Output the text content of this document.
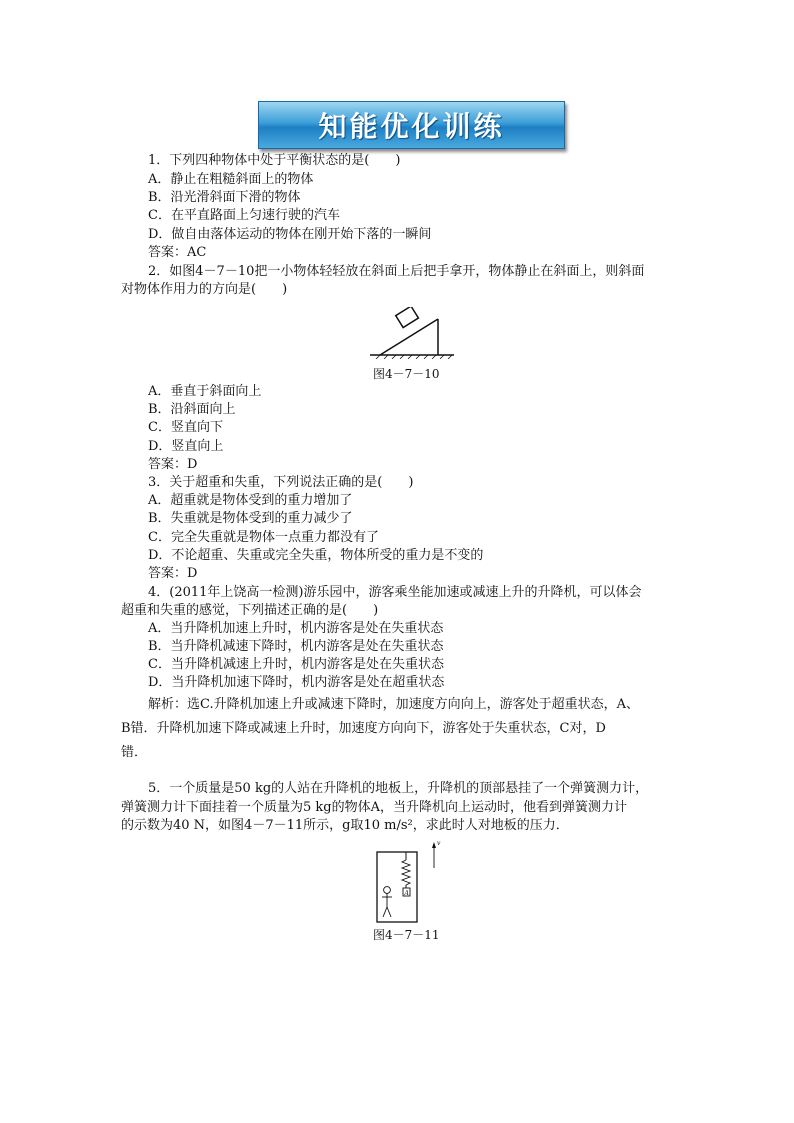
知能优化训练
1．下列四种物体中处于平衡状态的是(　　)
A．静止在粗糙斜面上的物体
B．沿光滑斜面下滑的物体
C．在平直路面上匀速行驶的汽车
D．做自由落体运动的物体在刚开始下落的一瞬间
答案：AC
2．如图4－7－10把一小物体轻轻放在斜面上后把手拿开，物体静止在斜面上，则斜面
对物体作用力的方向是(　　)
图4－7－10
A．垂直于斜面向上
B．沿斜面向上
C．竖直向下
D．竖直向上
答案：D
3．关于超重和失重，下列说法正确的是(　　)
A．超重就是物体受到的重力增加了
B．失重就是物体受到的重力减少了
C．完全失重就是物体一点重力都没有了
D．不论超重、失重或完全失重，物体所受的重力是不变的
答案：D
4．(2011年上饶高一检测)游乐园中，游客乘坐能加速或减速上升的升降机，可以体会
超重和失重的感觉，下列描述正确的是(　　)
A．当升降机加速上升时，机内游客是处在失重状态
B．当升降机减速下降时，机内游客是处在失重状态
C．当升降机减速上升时，机内游客是处在失重状态
D．当升降机加速下降时，机内游客是处在超重状态
解析：选C.升降机加速上升或减速下降时，加速度方向向上，游客处于超重状态，A、
B错．升降机加速下降或减速上升时，加速度方向向下，游客处于失重状态，C对，D
错．
5．一个质量是50 kg的人站在升降机的地板上，升降机的顶部悬挂了一个弹簧测力计，
弹簧测力计下面挂着一个质量为5 kg的物体A，当升降机向上运动时，他看到弹簧测力计
的示数为40 N，如图4－7－11所示，g取10 m/s²，求此时人对地板的压力．
A
v
图4－7－11
